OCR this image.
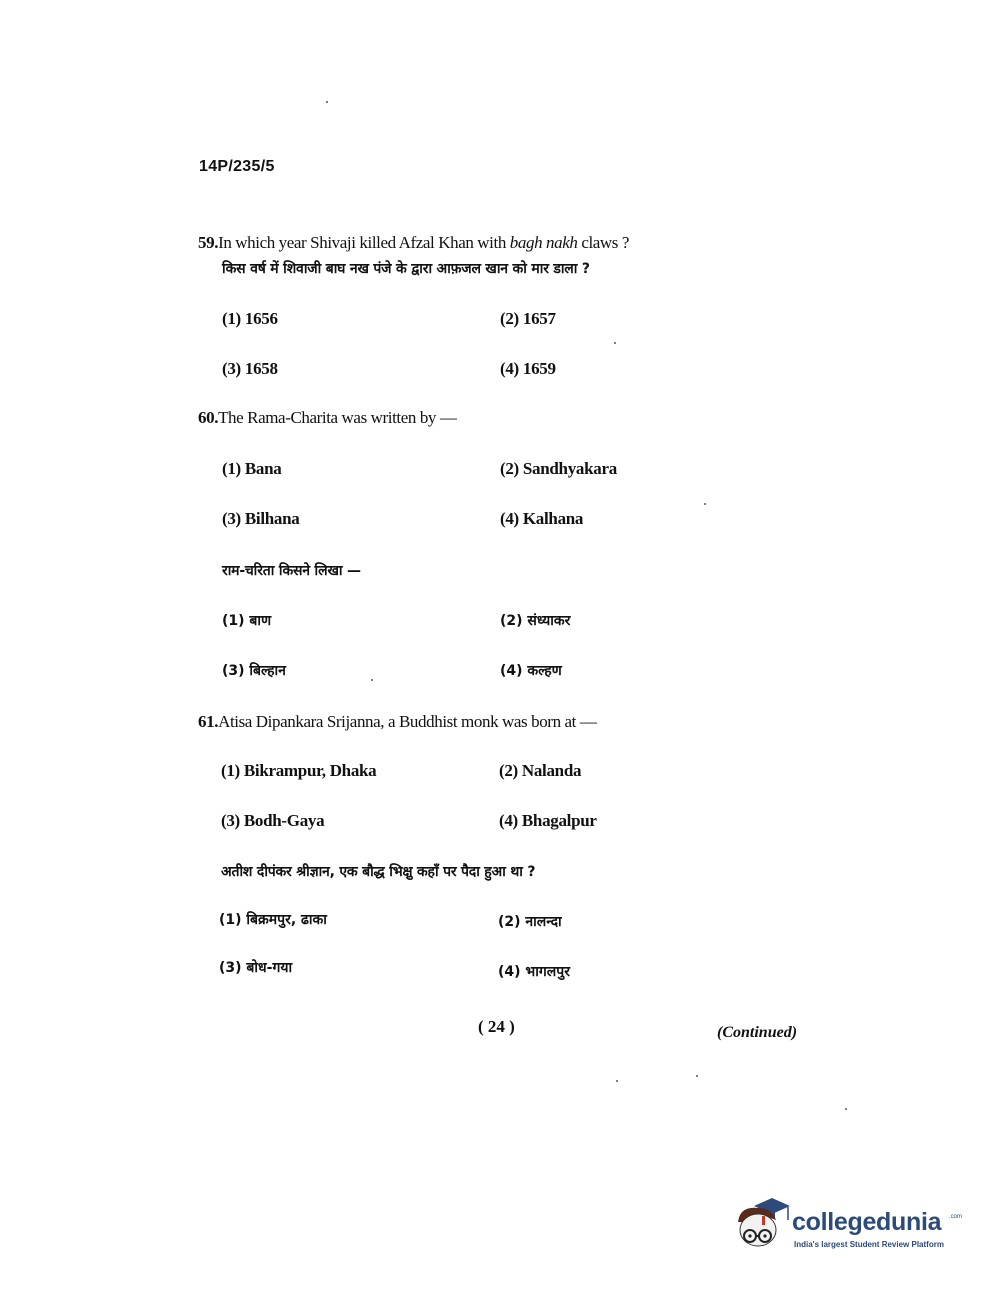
14P/235/5
59.In which year Shivaji killed Afzal Khan with bagh nakh claws ?
किस वर्ष में शिवाजी बाघ नख पंजे के द्वारा आफ़जल खान को मार डाला ?
(1) 1656	(2) 1657
(3) 1658	(4) 1659
60.The Rama-Charita was written by —
(1) Bana	(2) Sandhyakara
(3) Bilhana	(4) Kalhana
राम-चरिता किसने लिखा —
(1) बाण	(2) संध्याकर
(3) बिल्हान	(4) कल्हण
61.Atisa Dipankara Srijanna, a Buddhist monk was born at —
(1) Bikrampur, Dhaka	(2) Nalanda
(3) Bodh-Gaya	(4) Bhagalpur
अतीश दीपंकर श्रीज्ञान, एक बौद्ध भिक्षु कहाँ पर पैदा हुआ था ?
(1) बिक्रमपुर, ढाका	(2) नालन्दा
(3) बोध-गया	(4) भागलपुर
( 24 )	(Continued)
collegedunia .com
India's largest Student Review Platform
